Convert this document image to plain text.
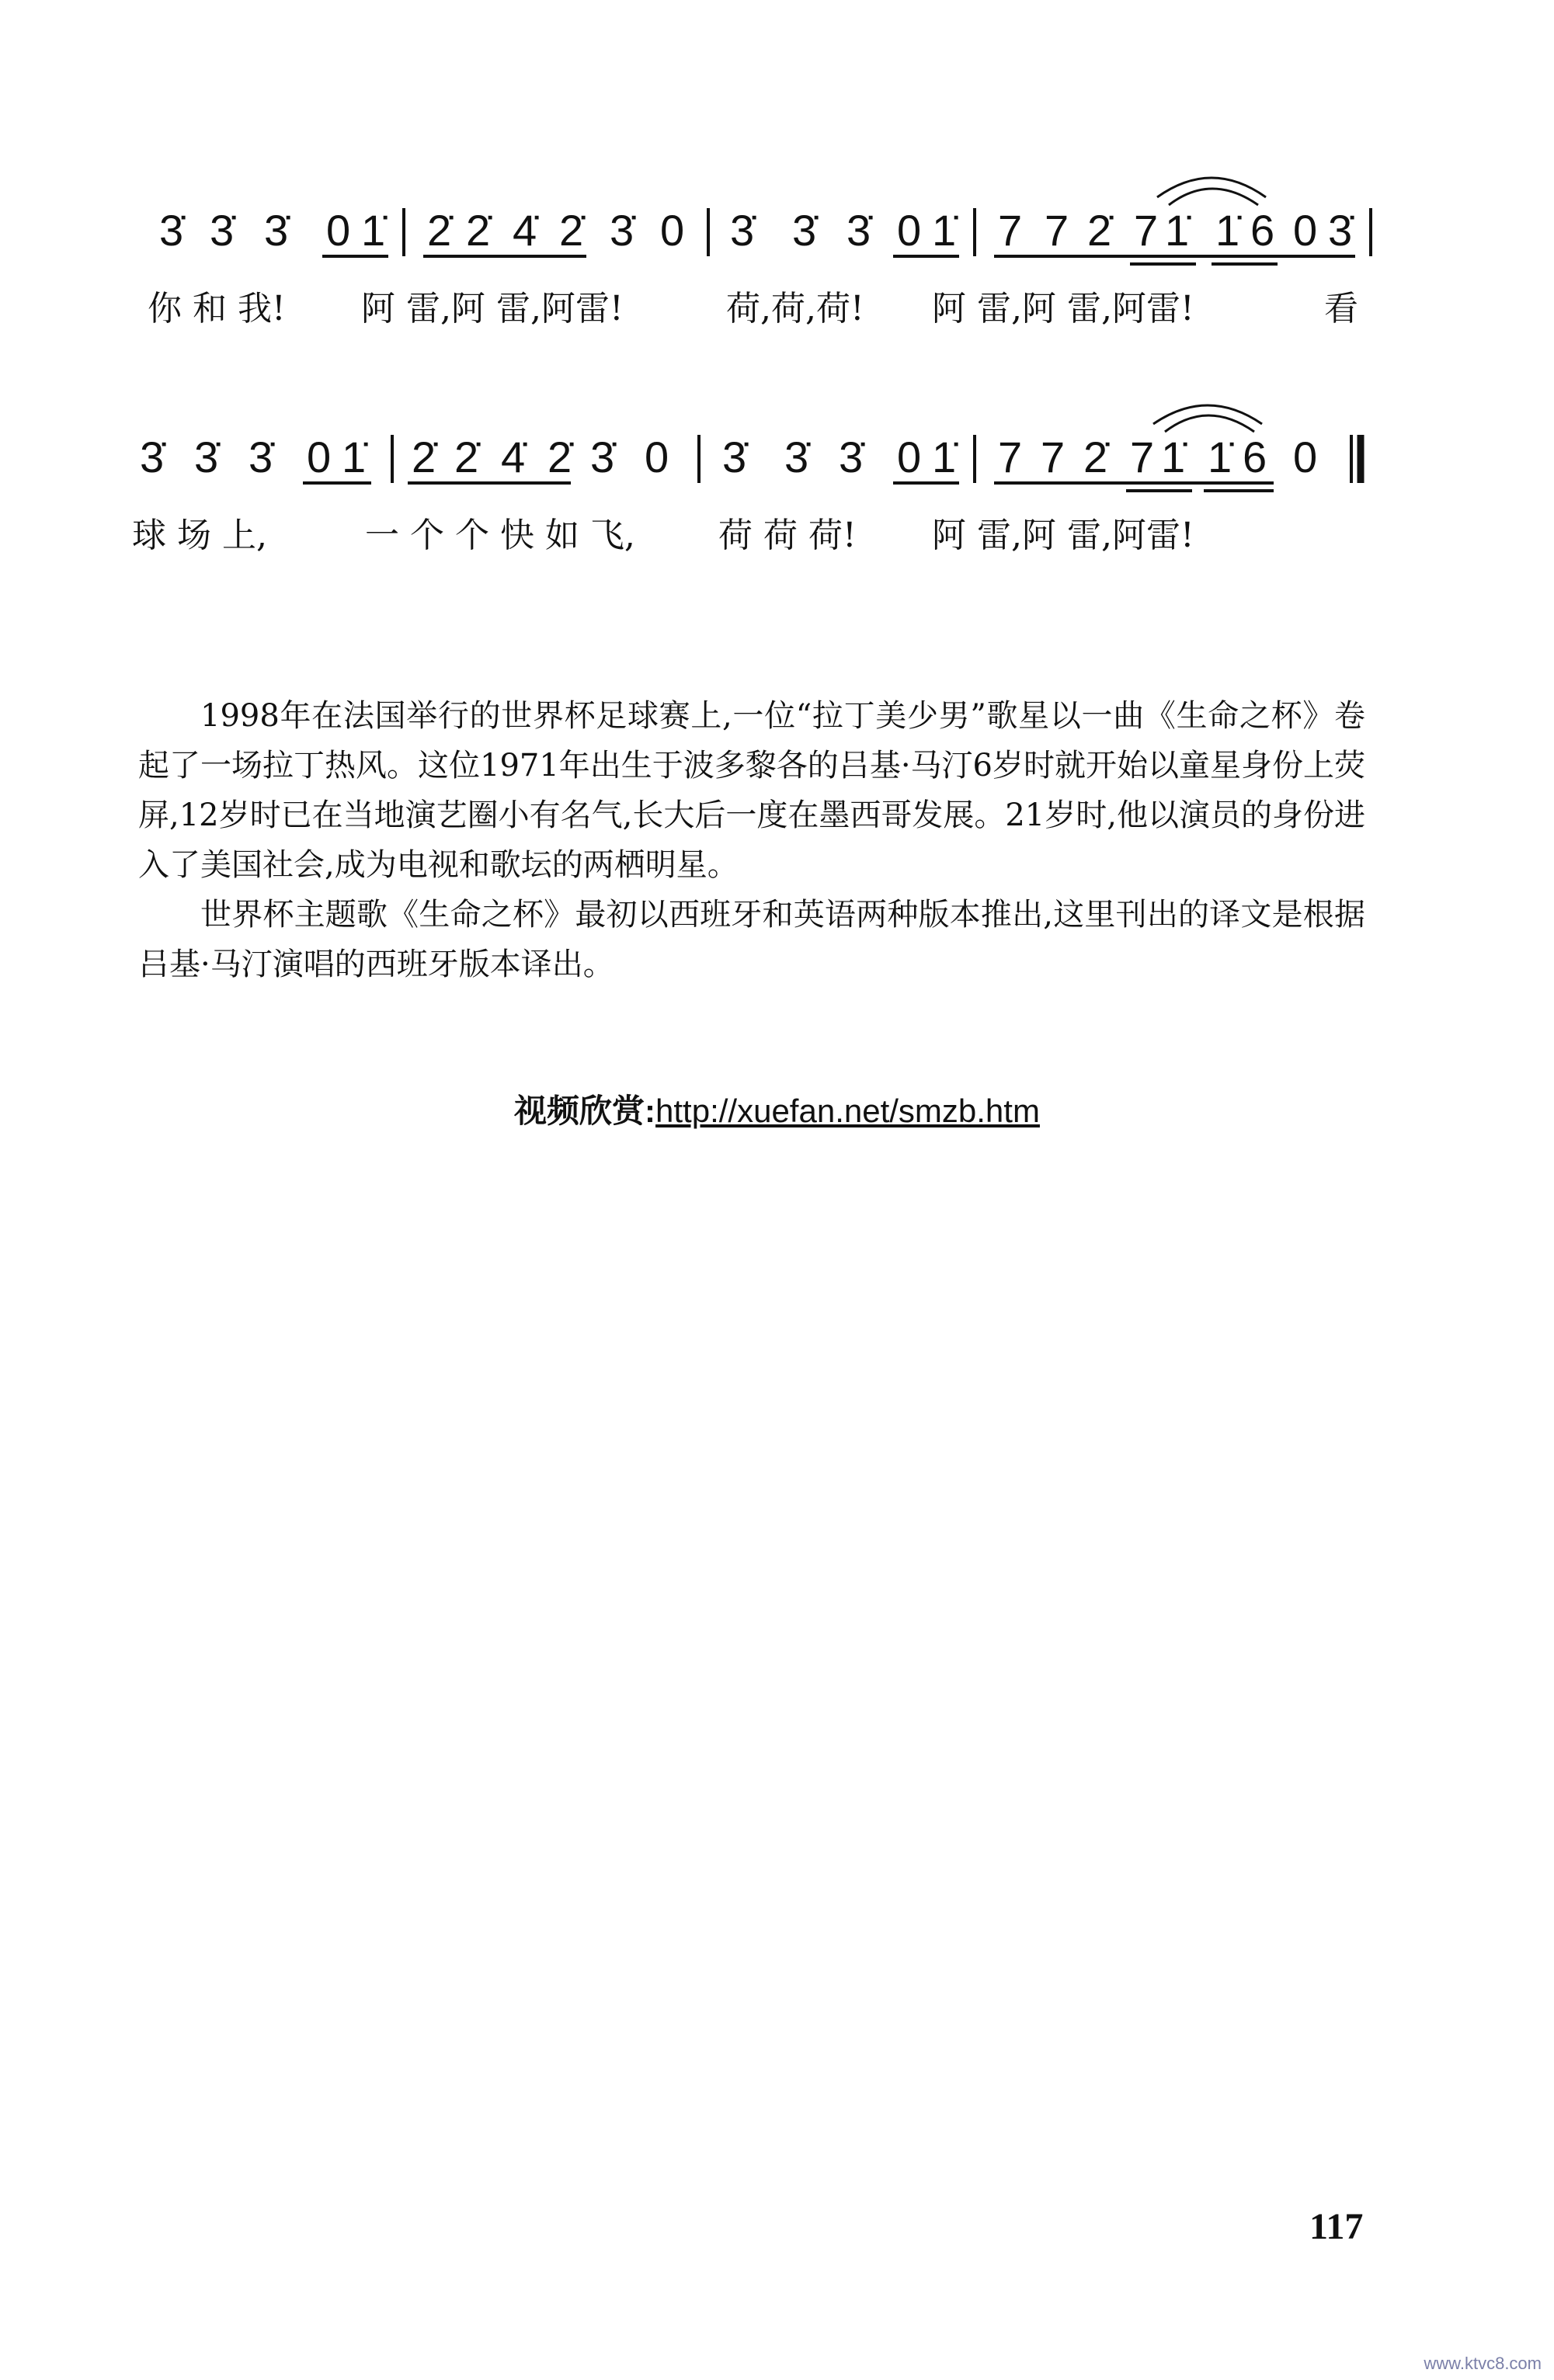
3̇ 3̇ 3̇ 0 1̇ 2̇ 2̇ 4̇ 2̇ 3̇ 0 3̇ 3̇ 3̇ 0 1̇ 7 7 2̇ 7 1̇ 1̇ 6 0 3̇
你 和 我! 阿 雷,阿 雷,阿雷!	荷,荷,荷! 阿 雷,阿 雷,阿雷!	看
3̇ 3̇ 3̇ 0 1̇ 2̇ 2̇ 4̇ 2̇ 3̇ 0 3̇ 3̇ 3̇ 0 1̇ 7 7 2̇ 7 1̇ 1̇ 6 0
球 场 上,	一 个 个 快 如 飞, 荷 荷 荷! 阿 雷,阿 雷,阿雷!

1998年在法国举行的世界杯足球赛上,一位“拉丁美少男”歌星以一曲《生命之杯》卷起了一场拉丁热风。这位1971年出生于波多黎各的吕基·马汀6岁时就开始以童星身份上荧屏,12岁时已在当地演艺圈小有名气,长大后一度在墨西哥发展。21岁时,他以演员的身份进入了美国社会,成为电视和歌坛的两栖明星。

世界杯主题歌《生命之杯》最初以西班牙和英语两种版本推出,这里刊出的译文是根据吕基·马汀演唱的西班牙版本译出。

视频欣赏:http://xuefan.net/smzb.htm
117
www.ktvc8.com
